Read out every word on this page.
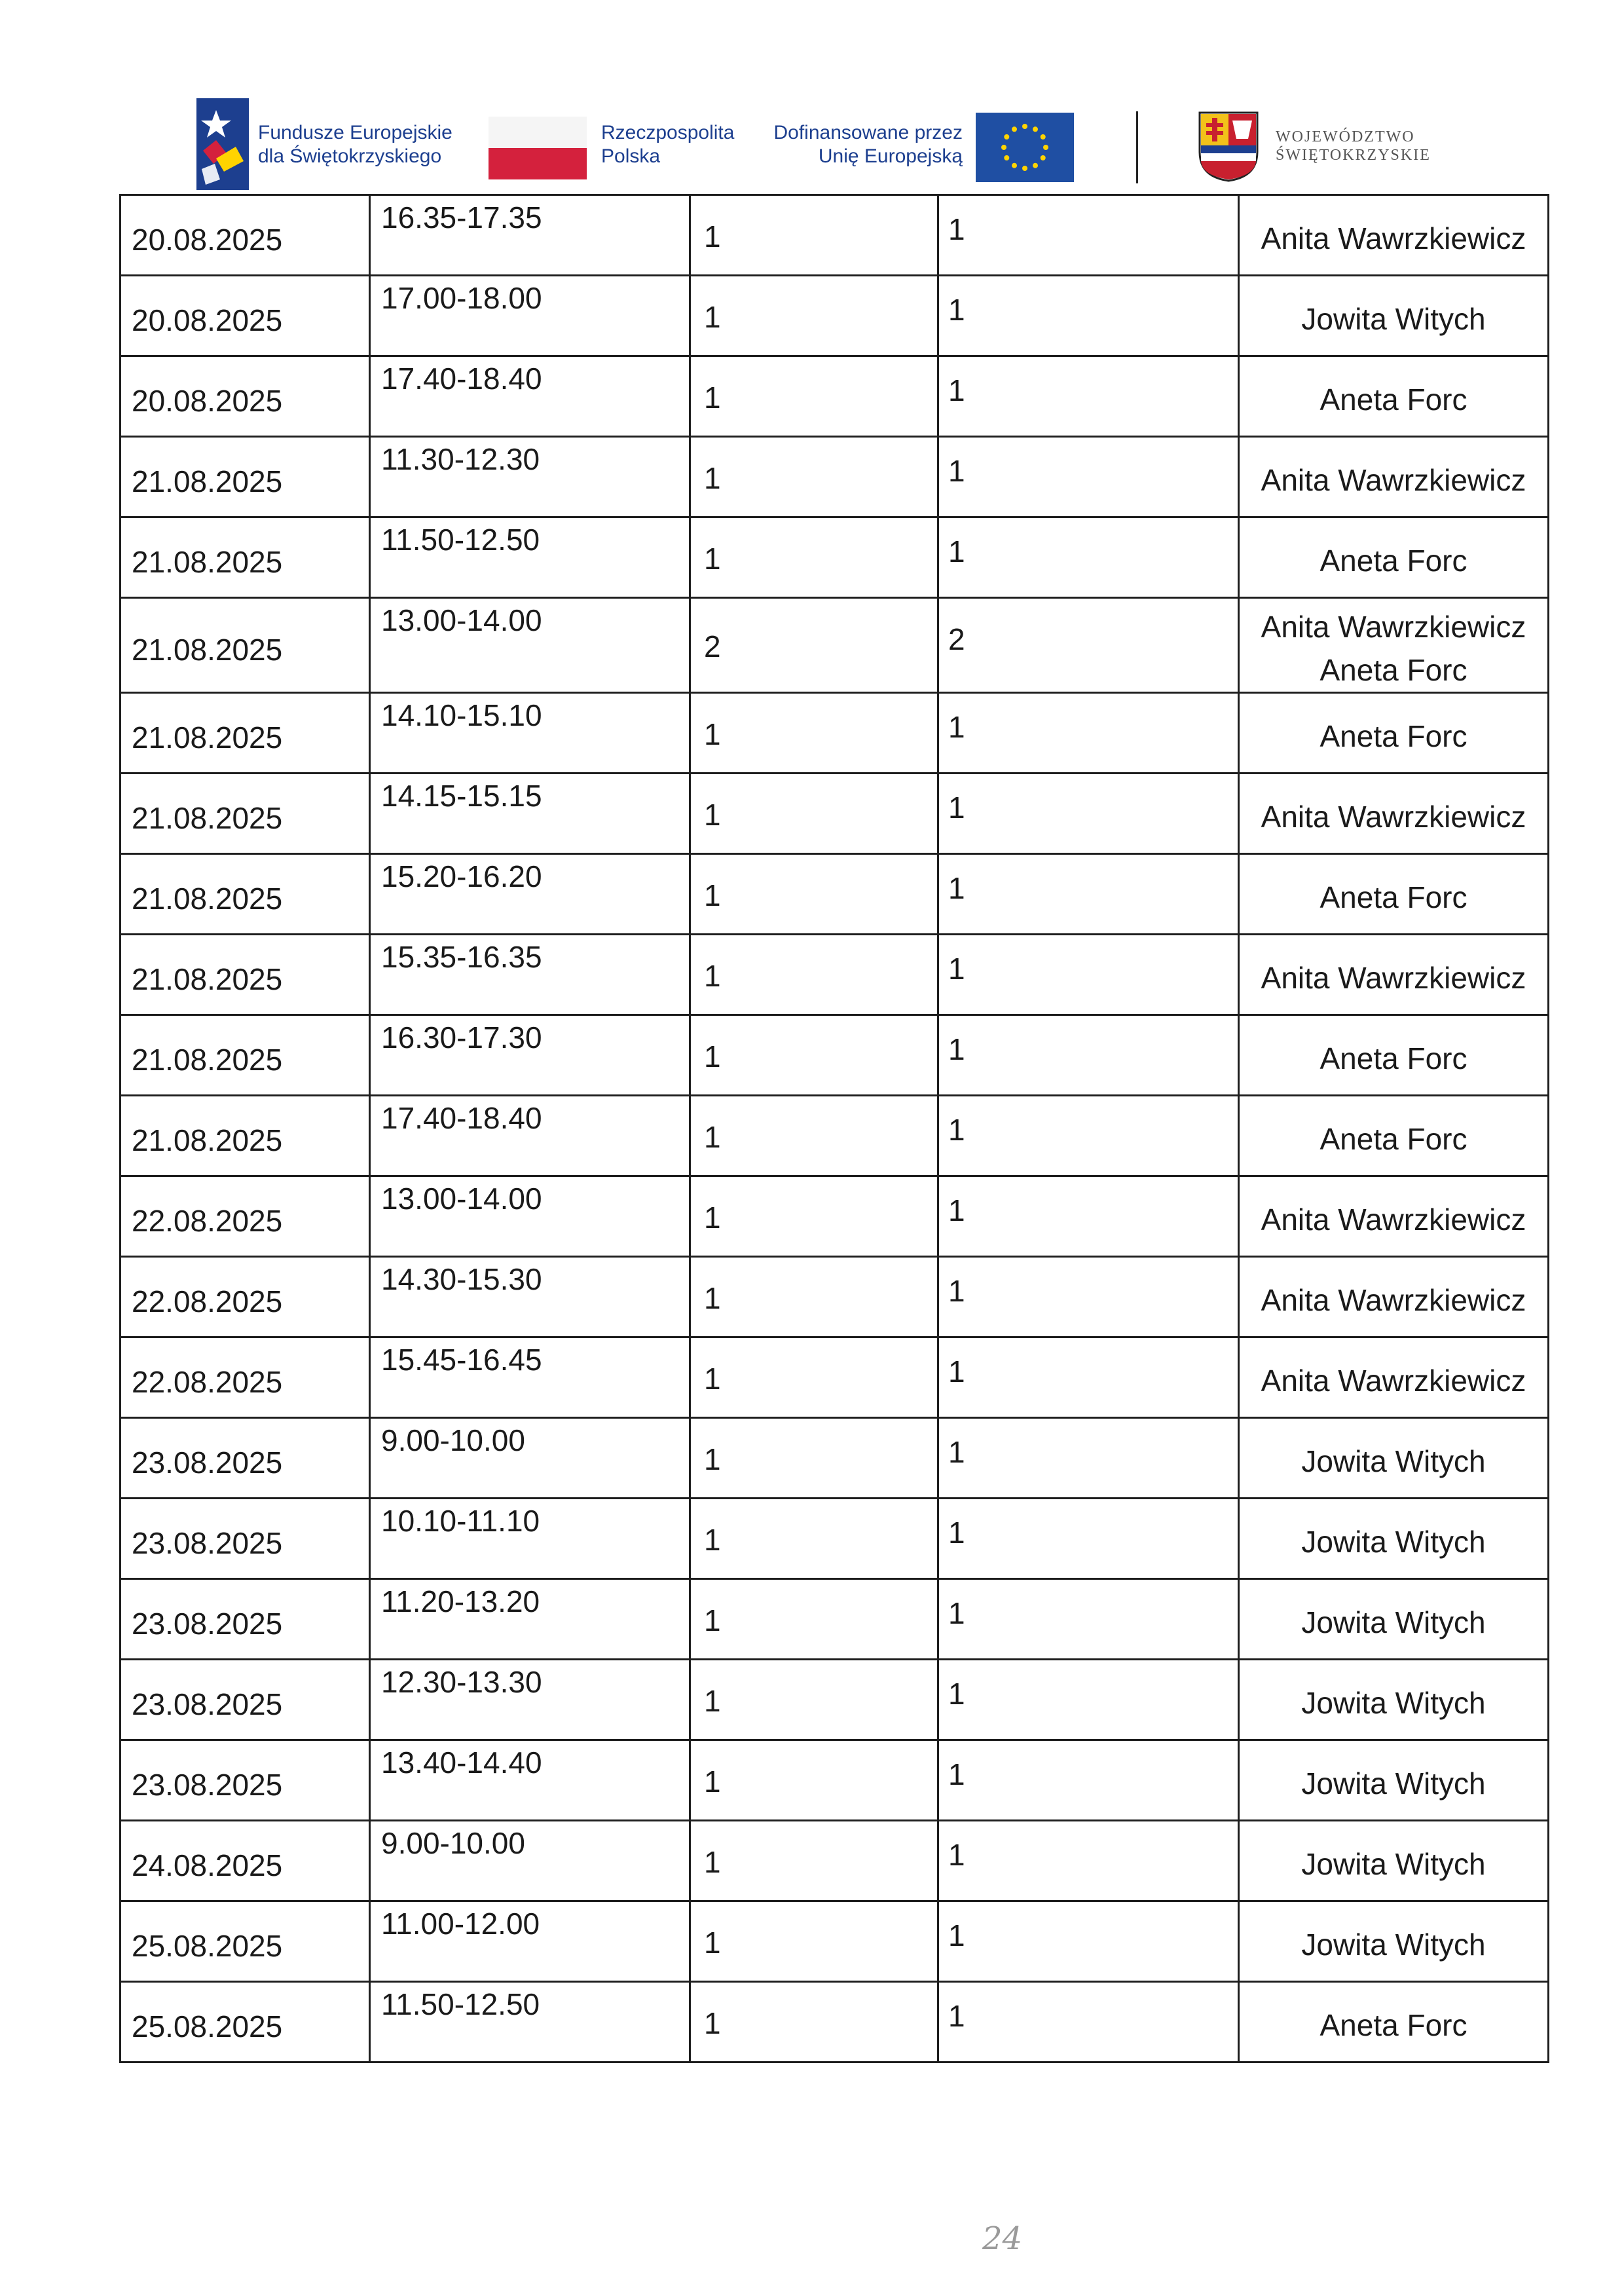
Fundusze Europejskie
dla Świętokrzyskiego
Rzeczpospolita
Polska
Dofinansowane przez
Unię Europejską
WOJEWÓDZTWO
ŚWIĘTOKRZYSKIE
20.08.2025	16.35-17.35	1	1	Anita Wawrzkiewicz

20.08.2025	17.00-18.00	1	1	Jowita Witych

20.08.2025	17.40-18.40	1	1	Aneta Forc

21.08.2025	11.30-12.30	1	1	Anita Wawrzkiewicz

21.08.2025	11.50-12.50	1	1	Aneta Forc

21.08.2025	13.00-14.00	2	2	Anita Wawrzkiewicz
Aneta Forc

21.08.2025	14.10-15.10	1	1	Aneta Forc

21.08.2025	14.15-15.15	1	1	Anita Wawrzkiewicz

21.08.2025	15.20-16.20	1	1	Aneta Forc

21.08.2025	15.35-16.35	1	1	Anita Wawrzkiewicz

21.08.2025	16.30-17.30	1	1	Aneta Forc

21.08.2025	17.40-18.40	1	1	Aneta Forc

22.08.2025	13.00-14.00	1	1	Anita Wawrzkiewicz

22.08.2025	14.30-15.30	1	1	Anita Wawrzkiewicz

22.08.2025	15.45-16.45	1	1	Anita Wawrzkiewicz

23.08.2025	9.00-10.00	1	1	Jowita Witych

23.08.2025	10.10-11.10	1	1	Jowita Witych

23.08.2025	11.20-13.20	1	1	Jowita Witych

23.08.2025	12.30-13.30	1	1	Jowita Witych

23.08.2025	13.40-14.40	1	1	Jowita Witych

24.08.2025	9.00-10.00	1	1	Jowita Witych

25.08.2025	11.00-12.00	1	1	Jowita Witych

25.08.2025	11.50-12.50	1	1	Aneta Forc
24
